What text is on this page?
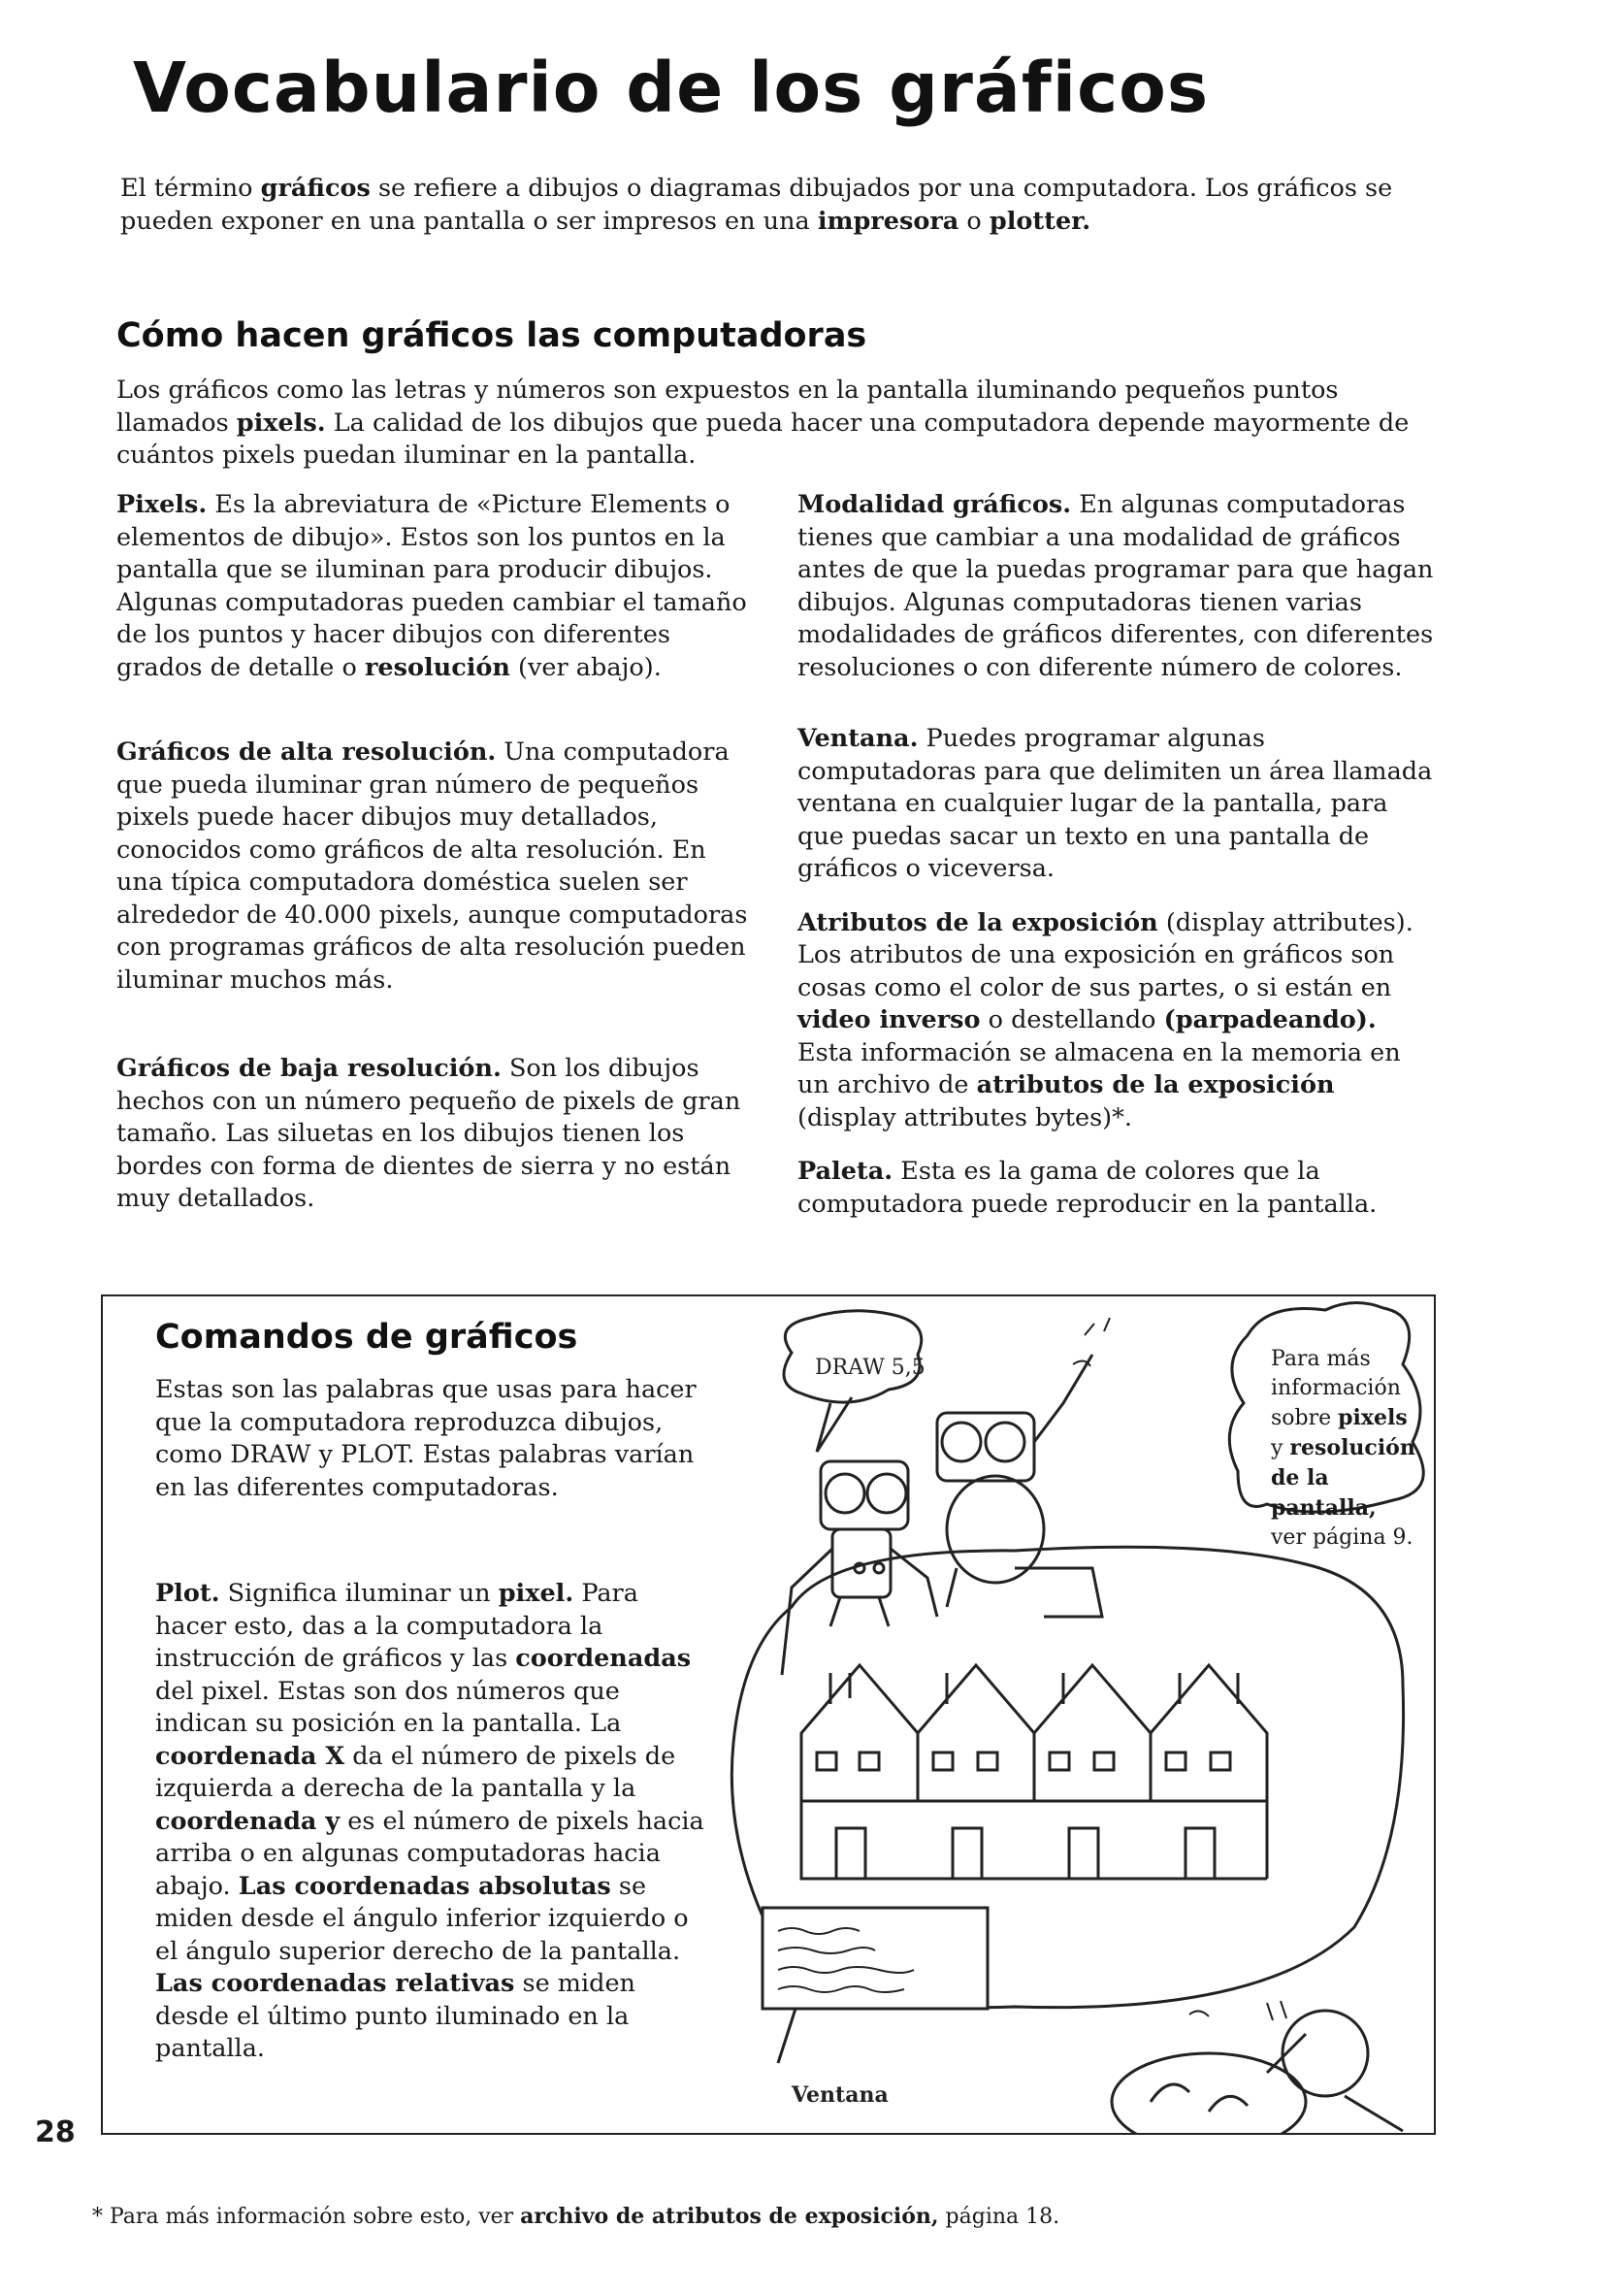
Vocabulario de los gráficos

El término gráficos se refiere a dibujos o diagramas dibujados por una computadora. Los gráficos se pueden exponer en una pantalla o ser impresos en una impresora o plotter.

Cómo hacen gráficos las computadoras

Los gráficos como las letras y números son expuestos en la pantalla iluminando pequeños puntos llamados pixels. La calidad de los dibujos que pueda hacer una computadora depende mayormente de cuántos pixels puedan iluminar en la pantalla.

Pixels. Es la abreviatura de «Picture Elements o elementos de dibujo». Estos son los puntos en la pantalla que se iluminan para producir dibujos. Algunas computadoras pueden cambiar el tamaño de los puntos y hacer dibujos con diferentes grados de detalle o resolución (ver abajo).

Gráficos de alta resolución. Una computadora que pueda iluminar gran número de pequeños pixels puede hacer dibujos muy detallados, conocidos como gráficos de alta resolución. En una típica computadora doméstica suelen ser alrededor de 40.000 pixels, aunque computadoras con programas gráficos de alta resolución pueden iluminar muchos más.

Gráficos de baja resolución. Son los dibujos hechos con un número pequeño de pixels de gran tamaño. Las siluetas en los dibujos tienen los bordes con forma de dientes de sierra y no están muy detallados.

Modalidad gráficos. En algunas computadoras tienes que cambiar a una modalidad de gráficos antes de que la puedas programar para que hagan dibujos. Algunas computadoras tienen varias modalidades de gráficos diferentes, con diferentes resoluciones o con diferente número de colores.

Ventana. Puedes programar algunas computadoras para que delimiten un área llamada ventana en cualquier lugar de la pantalla, para que puedas sacar un texto en una pantalla de gráficos o viceversa.

Atributos de la exposición (display attributes). Los atributos de una exposición en gráficos son cosas como el color de sus partes, o si están en video inverso o destellando (parpadeando). Esta información se almacena en la memoria en un archivo de atributos de la exposición (display attributes bytes)*.

Paleta. Esta es la gama de colores que la computadora puede reproducir en la pantalla.

Comandos de gráficos

Estas son las palabras que usas para hacer que la computadora reproduzca dibujos, como DRAW y PLOT. Estas palabras varían en las diferentes computadoras.

Plot. Significa iluminar un pixel. Para hacer esto, das a la computadora la instrucción de gráficos y las coordenadas del pixel. Estas son dos números que indican su posición en la pantalla. La coordenada X da el número de pixels de izquierda a derecha de la pantalla y la coordenada y es el número de pixels hacia arriba o en algunas computadoras hacia abajo. Las coordenadas absolutas se miden desde el ángulo inferior izquierdo o el ángulo superior derecho de la pantalla. Las coordenadas relativas se miden desde el último punto iluminado en la pantalla.

DRAW 5,5
Ventana

Para más información sobre pixels y resolución de la pantalla, ver página 9.

28

* Para más información sobre esto, ver archivo de atributos de exposición, página 18.
